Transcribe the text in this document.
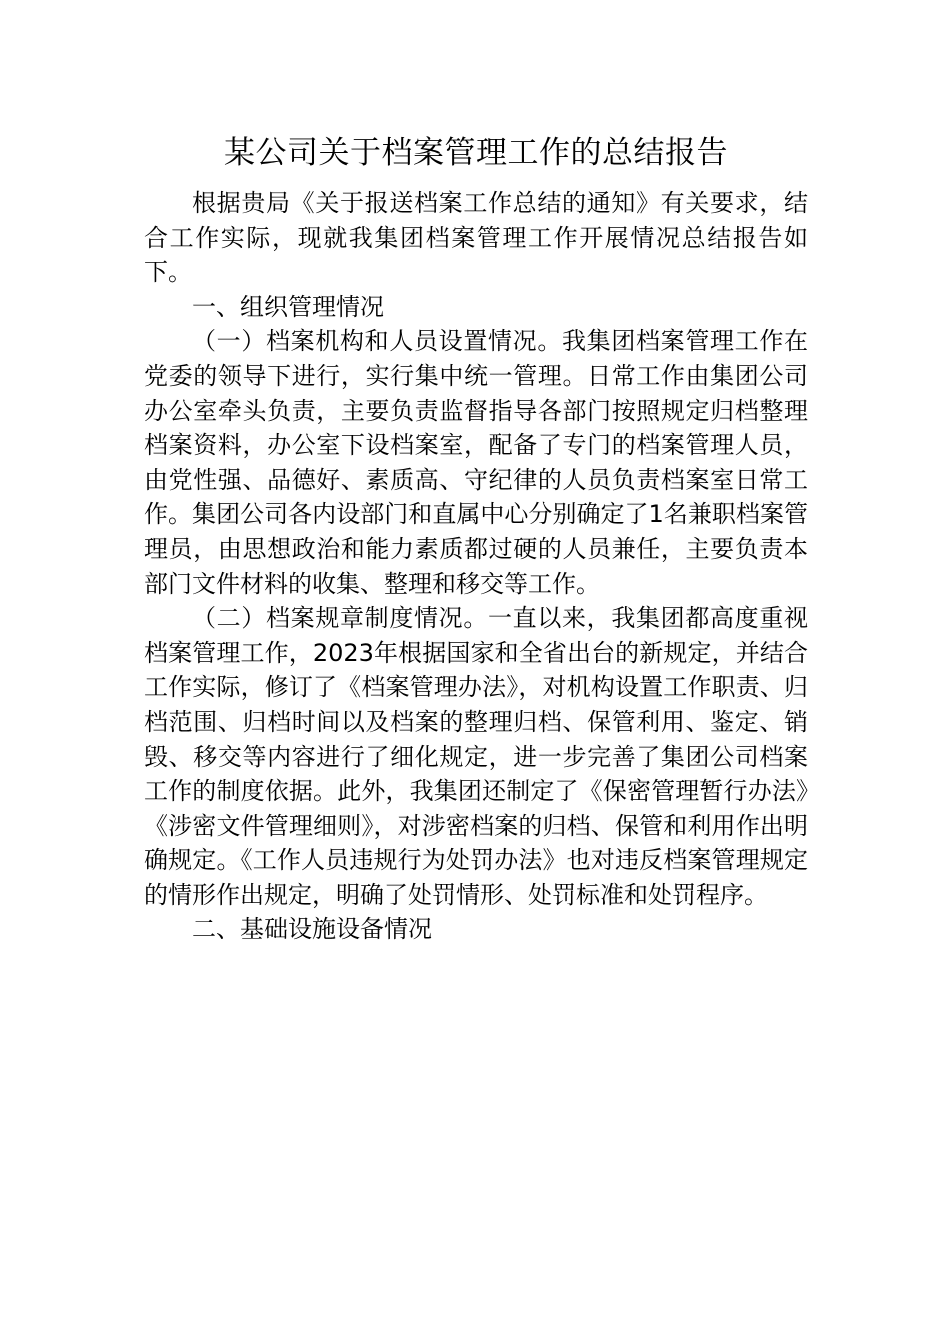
某公司关于档案管理工作的总结报告

根据贵局《关于报送档案工作总结的通知》有关要求，结合工作实际，现就我集团档案管理工作开展情况总结报告如下。

一、组织管理情况

（一）档案机构和人员设置情况。我集团档案管理工作在党委的领导下进行，实行集中统一管理。日常工作由集团公司办公室牵头负责，主要负责监督指导各部门按照规定归档整理档案资料，办公室下设档案室，配备了专门的档案管理人员，由党性强、品德好、素质高、守纪律的人员负责档案室日常工作。集团公司各内设部门和直属中心分别确定了1名兼职档案管理员，由思想政治和能力素质都过硬的人员兼任，主要负责本部门文件材料的收集、整理和移交等工作。

（二）档案规章制度情况。一直以来，我集团都高度重视档案管理工作，2023年根据国家和全省出台的新规定，并结合工作实际，修订了《档案管理办法》，对机构设置工作职责、归档范围、归档时间以及档案的整理归档、保管利用、鉴定、销毁、移交等内容进行了细化规定，进一步完善了集团公司档案工作的制度依据。此外，我集团还制定了《保密管理暂行办法》《涉密文件管理细则》，对涉密档案的归档、保管和利用作出明确规定。《工作人员违规行为处罚办法》也对违反档案管理规定的情形作出规定，明确了处罚情形、处罚标准和处罚程序。

二、基础设施设备情况
